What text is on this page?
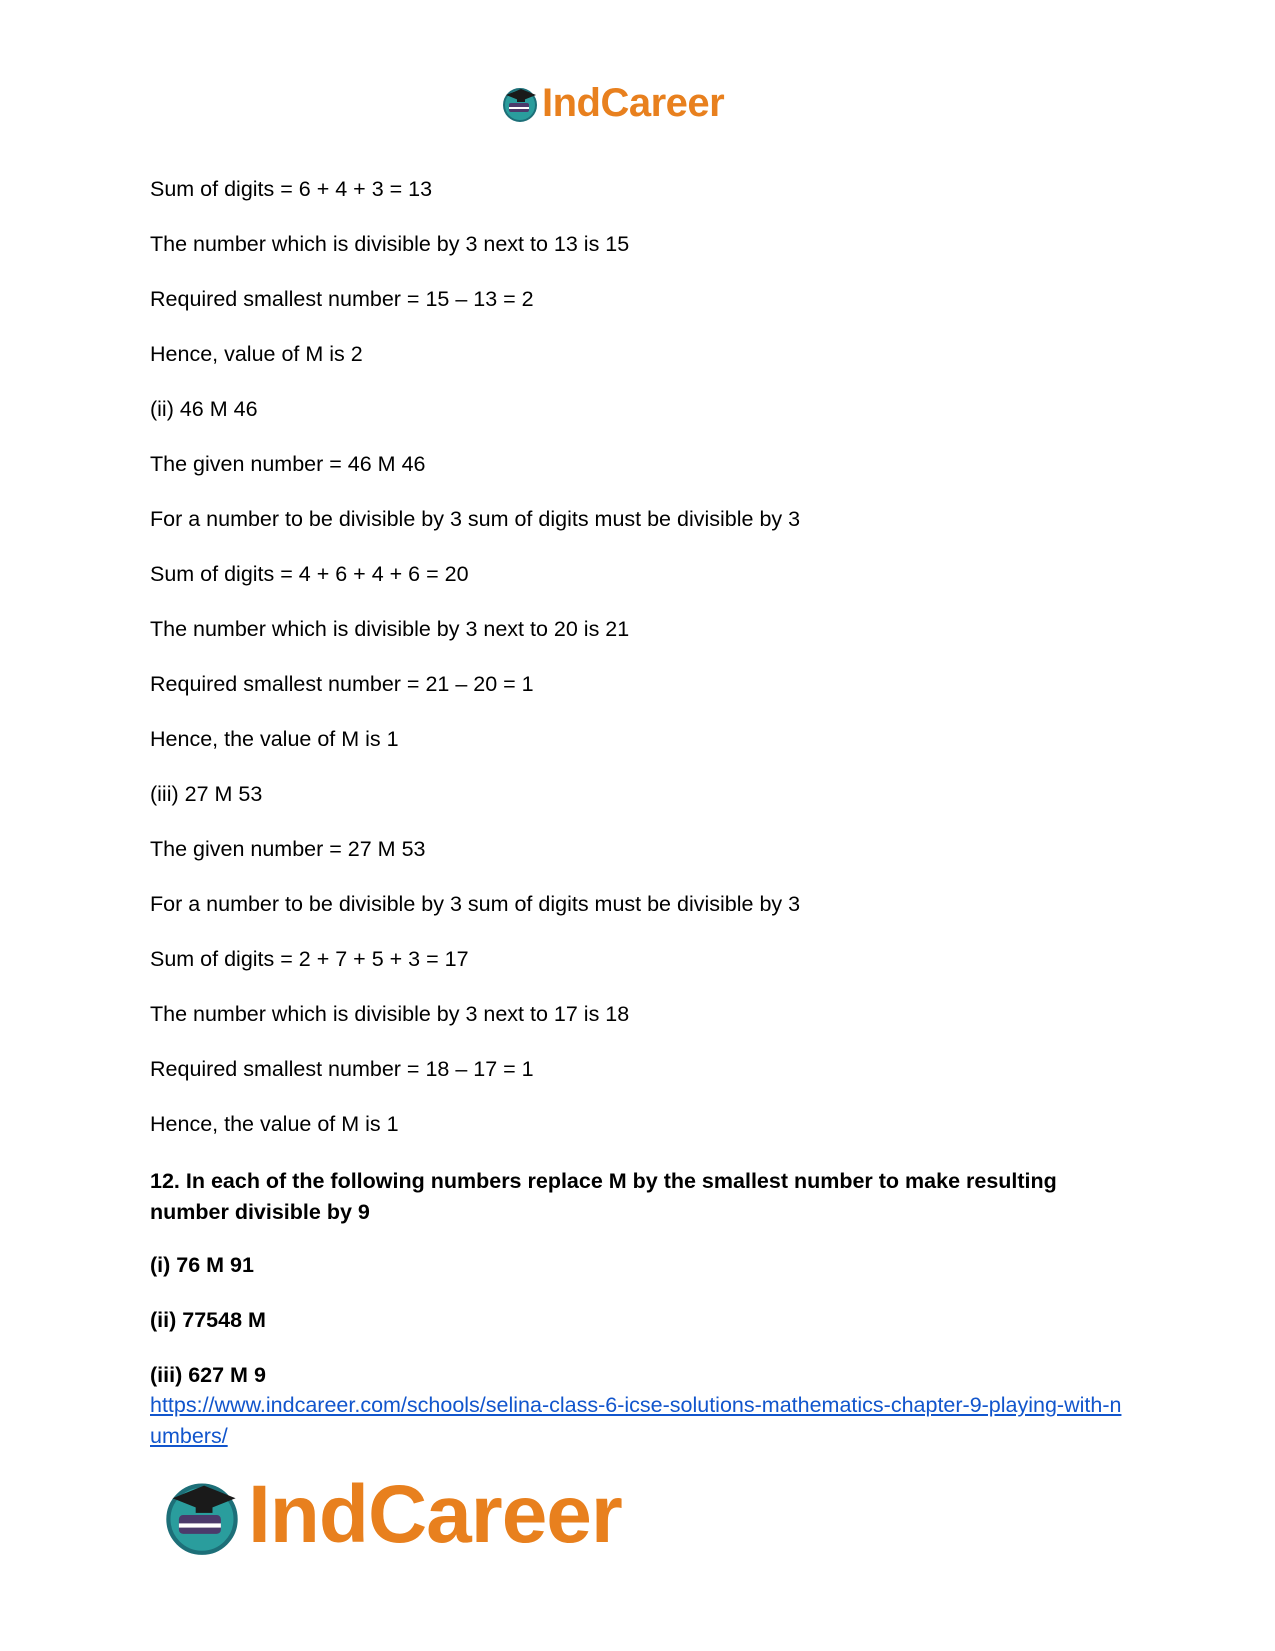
IndCareer
Sum of digits = 6 + 4 + 3 = 13
The number which is divisible by 3 next to 13 is 15
Required smallest number = 15 – 13 = 2
Hence, value of M is 2
(ii) 46 M 46
The given number = 46 M 46
For a number to be divisible by 3 sum of digits must be divisible by 3
Sum of digits = 4 + 6 + 4 + 6 = 20
The number which is divisible by 3 next to 20 is 21
Required smallest number = 21 – 20 = 1
Hence, the value of M is 1
(iii) 27 M 53
The given number = 27 M 53
For a number to be divisible by 3 sum of digits must be divisible by 3
Sum of digits = 2 + 7 + 5 + 3 = 17
The number which is divisible by 3 next to 17 is 18
Required smallest number = 18 – 17 = 1
Hence, the value of M is 1
12. In each of the following numbers replace M by the smallest number to make resulting number divisible by 9
(i) 76 M 91
(ii) 77548 M
(iii) 627 M 9
https://www.indcareer.com/schools/selina-class-6-icse-solutions-mathematics-chapter-9-playing-with-numbers/
IndCareer
